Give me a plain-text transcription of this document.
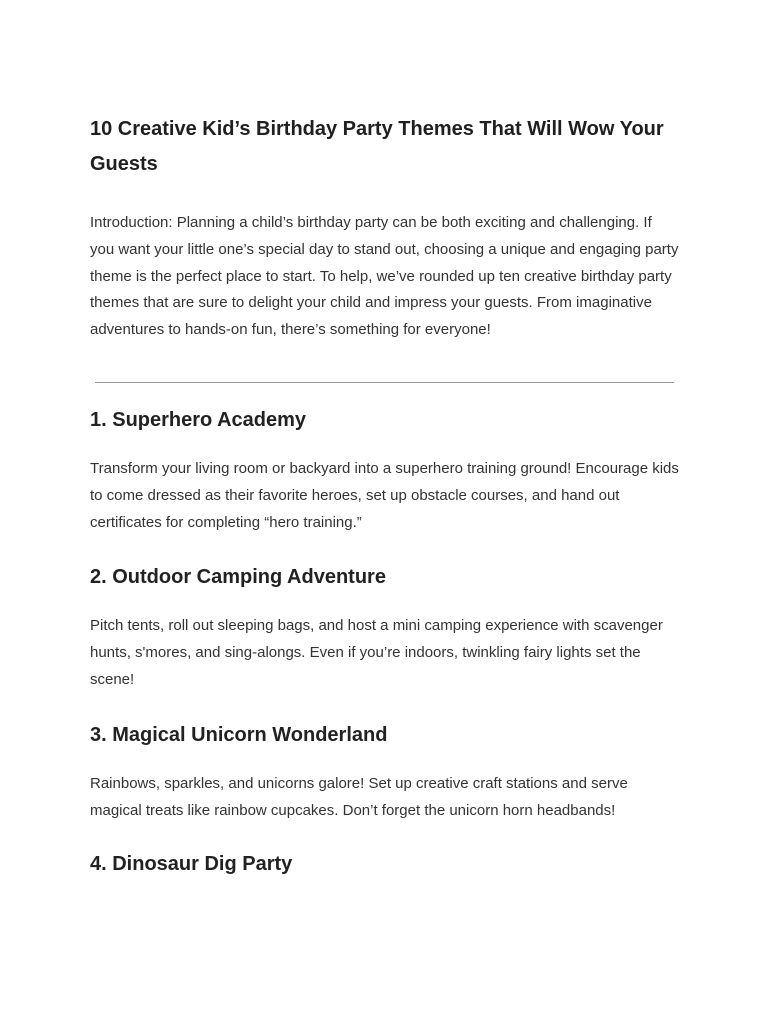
10 Creative Kid’s Birthday Party Themes That Will Wow Your Guests

Introduction: Planning a child’s birthday party can be both exciting and challenging. If you want your little one’s special day to stand out, choosing a unique and engaging party theme is the perfect place to start. To help, we’ve rounded up ten creative birthday party themes that are sure to delight your child and impress your guests. From imaginative adventures to hands-on fun, there’s something for everyone!

1. Superhero Academy

Transform your living room or backyard into a superhero training ground! Encourage kids to come dressed as their favorite heroes, set up obstacle courses, and hand out certificates for completing “hero training.”

2. Outdoor Camping Adventure

Pitch tents, roll out sleeping bags, and host a mini camping experience with scavenger hunts, s'mores, and sing-alongs. Even if you’re indoors, twinkling fairy lights set the scene!

3. Magical Unicorn Wonderland

Rainbows, sparkles, and unicorns galore! Set up creative craft stations and serve magical treats like rainbow cupcakes. Don’t forget the unicorn horn headbands!

4. Dinosaur Dig Party
